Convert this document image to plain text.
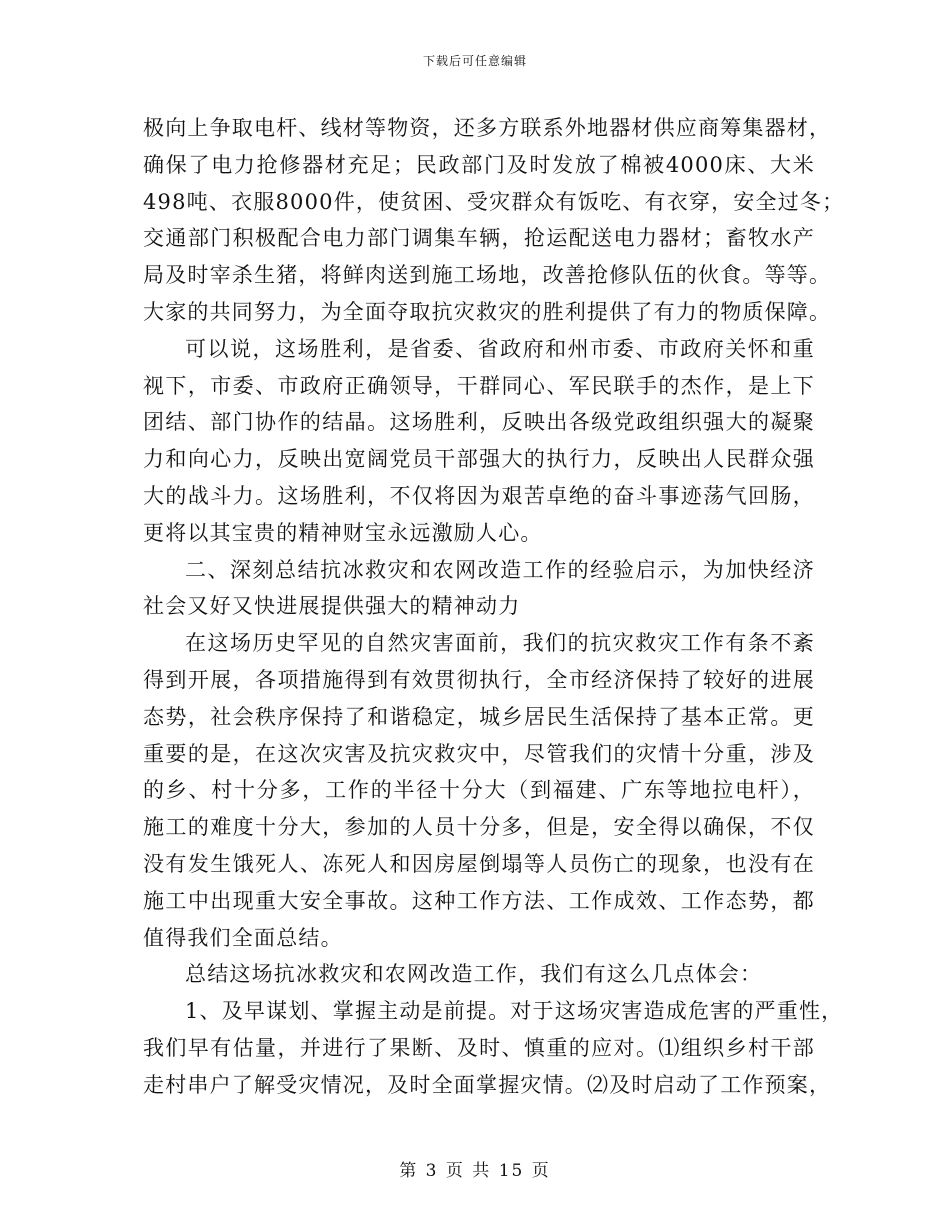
下载后可任意编辑
极向上争取电杆、线材等物资，还多方联系外地器材供应商筹集器材，
确保了电力抢修器材充足；民政部门及时发放了棉被4000床、大米
498吨、衣服8000件，使贫困、受灾群众有饭吃、有衣穿，安全过冬；
交通部门积极配合电力部门调集车辆，抢运配送电力器材；畜牧水产
局及时宰杀生猪，将鲜肉送到施工场地，改善抢修队伍的伙食。等等。
大家的共同努力，为全面夺取抗灾救灾的胜利提供了有力的物质保障。
可以说，这场胜利，是省委、省政府和州市委、市政府关怀和重
视下，市委、市政府正确领导，干群同心、军民联手的杰作，是上下
团结、部门协作的结晶。这场胜利，反映出各级党政组织强大的凝聚
力和向心力，反映出宽阔党员干部强大的执行力，反映出人民群众强
大的战斗力。这场胜利，不仅将因为艰苦卓绝的奋斗事迹荡气回肠，
更将以其宝贵的精神财宝永远激励人心。
二、深刻总结抗冰救灾和农网改造工作的经验启示，为加快经济
社会又好又快进展提供强大的精神动力
在这场历史罕见的自然灾害面前，我们的抗灾救灾工作有条不紊
得到开展，各项措施得到有效贯彻执行，全市经济保持了较好的进展
态势，社会秩序保持了和谐稳定，城乡居民生活保持了基本正常。更
重要的是，在这次灾害及抗灾救灾中，尽管我们的灾情十分重，涉及
的乡、村十分多，工作的半径十分大（到福建、广东等地拉电杆），
施工的难度十分大，参加的人员十分多，但是，安全得以确保，不仅
没有发生饿死人、冻死人和因房屋倒塌等人员伤亡的现象，也没有在
施工中出现重大安全事故。这种工作方法、工作成效、工作态势，都
值得我们全面总结。
总结这场抗冰救灾和农网改造工作，我们有这么几点体会：
1、及早谋划、掌握主动是前提。对于这场灾害造成危害的严重性，
我们早有估量，并进行了果断、及时、慎重的应对。⑴组织乡村干部
走村串户了解受灾情况，及时全面掌握灾情。⑵及时启动了工作预案，
第 3 页 共 15 页
